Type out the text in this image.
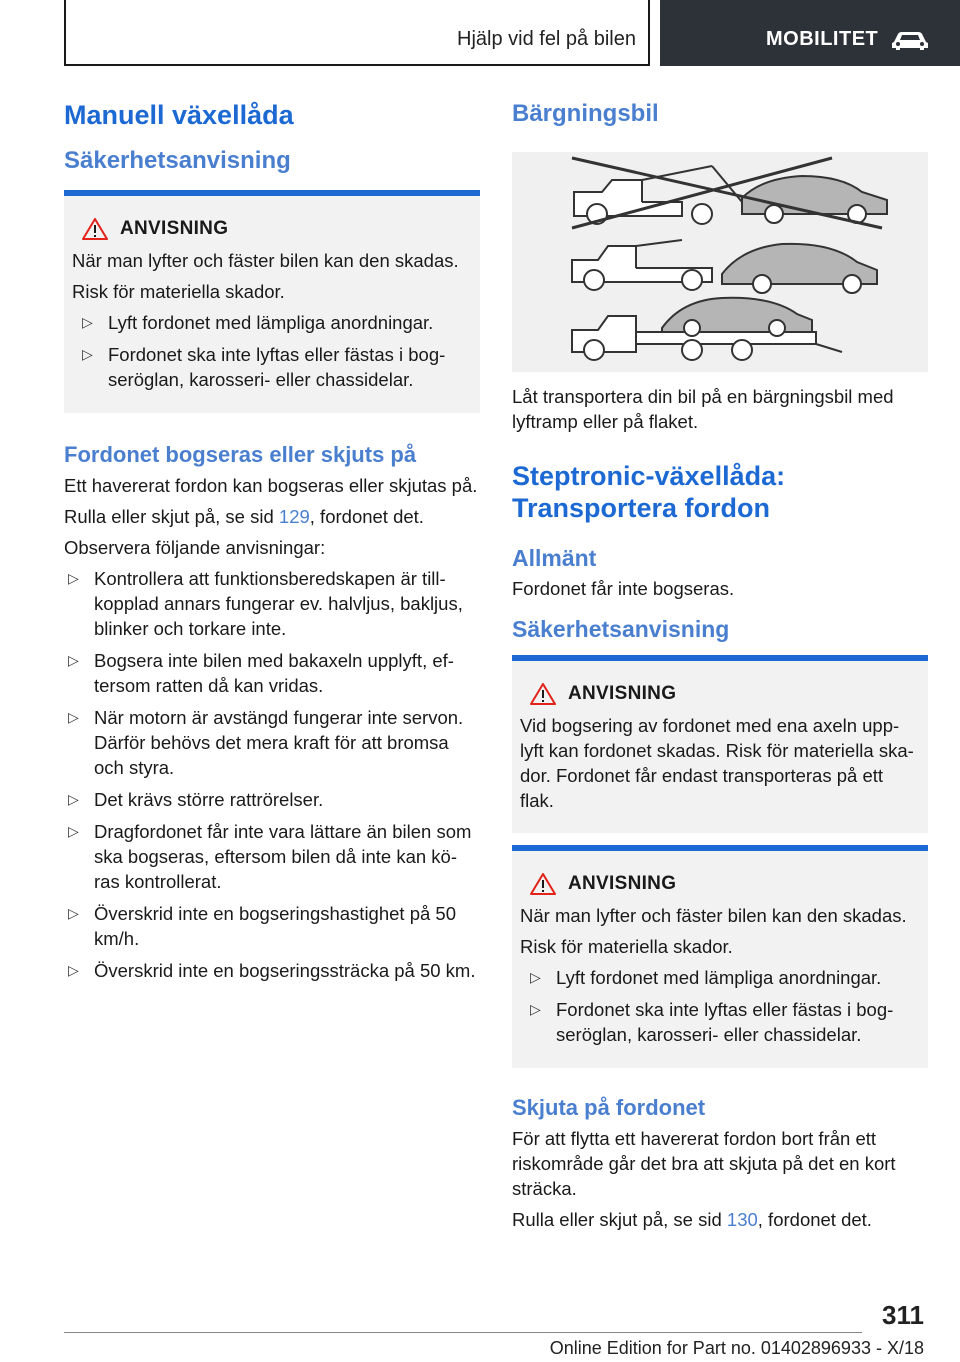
Hjälp vid fel på bilen	MOBILITET
Manuell växellåda
Säkerhetsanvisning
ANVISNING

När man lyfter och fäster bilen kan den skadas.

Risk för materiella skador.

▷ Lyft fordonet med lämpliga anordningar.
▷ Fordonet ska inte lyftas eller fästas i bog-seröglan, karosseri- eller chassidelar.
Fordonet bogseras eller skjuts på

Ett havererat fordon kan bogseras eller skjutas på.

Rulla eller skjut på, se sid 129, fordonet det.

Observera följande anvisningar:

▷ Kontrollera att funktionsberedskapen är till-kopplad annars fungerar ev. halvljus, bakljus, blinker och torkare inte.
▷ Bogsera inte bilen med bakaxeln upplyft, ef-tersom ratten då kan vridas.
▷ När motorn är avstängd fungerar inte servon. Därför behövs det mera kraft för att bromsa och styra.
▷ Det krävs större rattrörelser.
▷ Dragfordonet får inte vara lättare än bilen som ska bogseras, eftersom bilen då inte kan kö-ras kontrollerat.
▷ Överskrid inte en bogseringshastighet på 50 km/h.
▷ Överskrid inte en bogseringssträcka på 50 km.
Bärgningsbil

Låt transportera din bil på en bärgningsbil med lyftramp eller på flaket.

Steptronic-växellåda: Transportera fordon
Allmänt

Fordonet får inte bogseras.

Säkerhetsanvisning
ANVISNING

Vid bogsering av fordonet med ena axeln upp-lyft kan fordonet skadas. Risk för materiella ska-dor. Fordonet får endast transporteras på ett flak.

ANVISNING

När man lyfter och fäster bilen kan den skadas.

Risk för materiella skador.

▷ Lyft fordonet med lämpliga anordningar.
▷ Fordonet ska inte lyftas eller fästas i bog-seröglan, karosseri- eller chassidelar.
Skjuta på fordonet

För att flytta ett havererat fordon bort från ett riskområde går det bra att skjuta på det en kort sträcka.

Rulla eller skjut på, se sid 130, fordonet det.

311
Online Edition for Part no. 01402896933 - X/18
